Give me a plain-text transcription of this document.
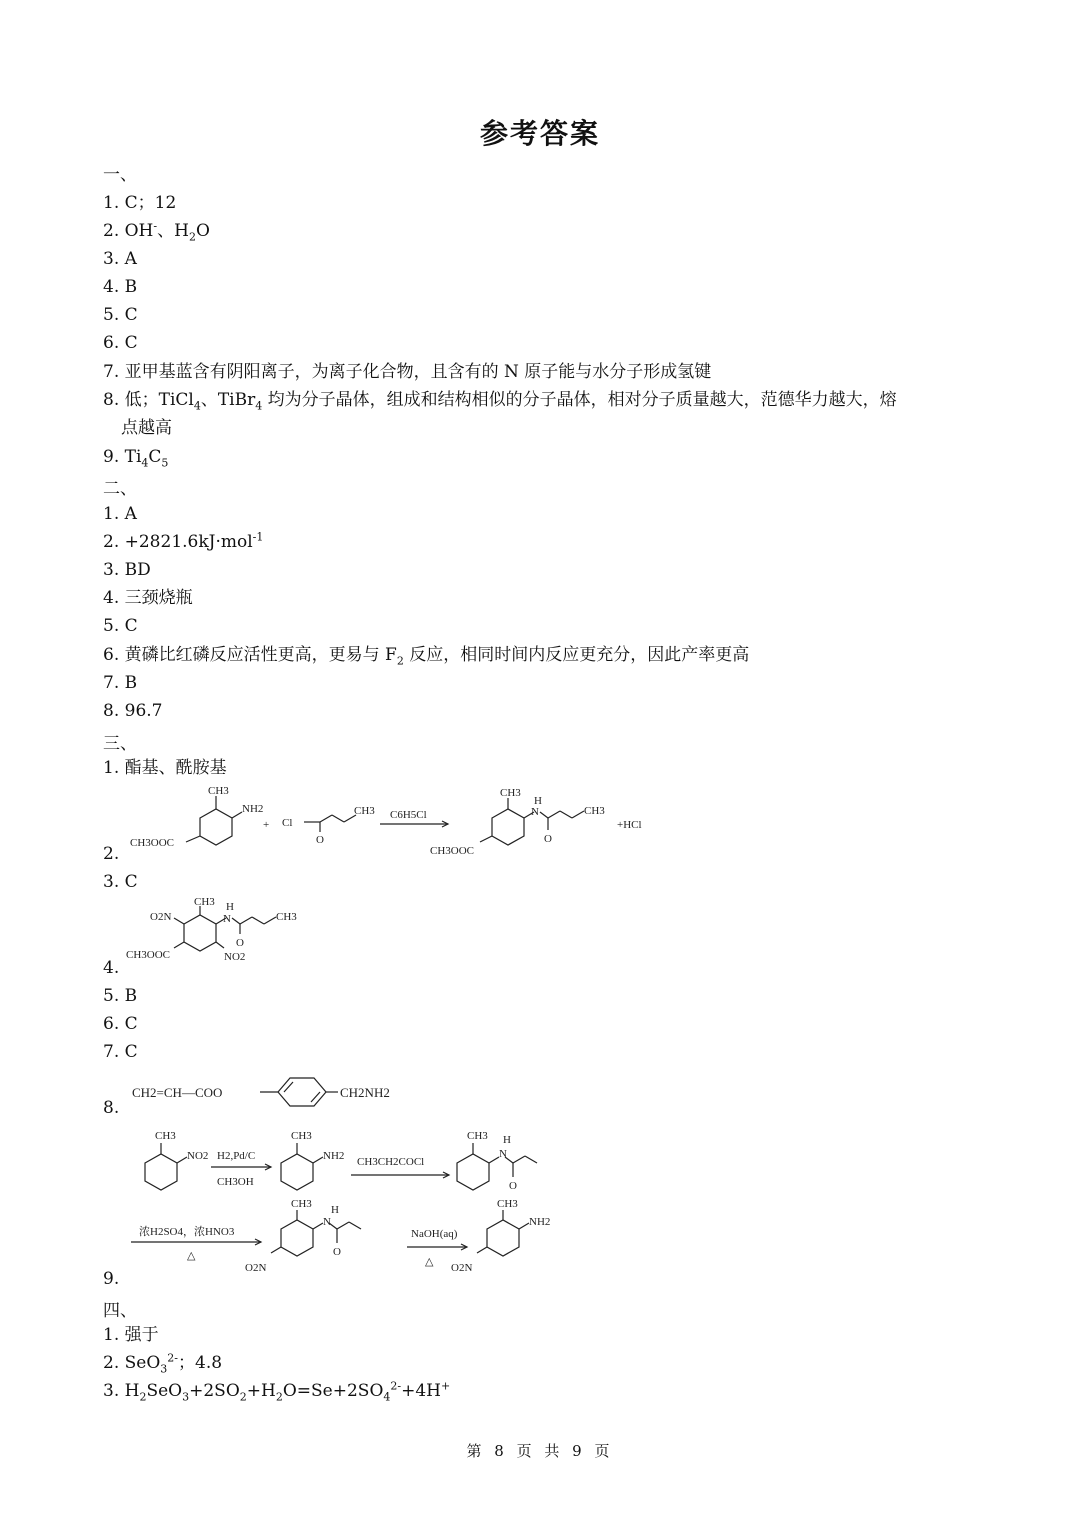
参考答案
一、
1. C；12
2. OH-、$H_2O$
3. A
4. B
5. C
6. C
7. 亚甲基蓝含有阴阳离子，为离子化合物，且含有的 N 原子能与水分子形成氢键
8. 低；TiCl$_4$、TiBr$_4$ 均为分子晶体，组成和结构相似的分子晶体，相对分子质量越大，范德华力越大，熔
点越高
9. $Ti_4C_5$
二、
1. A
2. +2821.6kJ·mol$^{-1}$
3. BD
4. 三颈烧瓶
5. C
6. 黄磷比红磷反应活性更高，更易与 $F_2$ 反应，相同时间内反应更充分，因此产率更高
7. B
8. 96.7
三、
1. 酯基、酰胺基
CH3
NH2
CH3OOC
+ Cl
O
CH3 C6H5Cl
CH3
H
N
O
CH3
CH3OOC
+HCl
2.
3. C
O2N
CH3 H
N	CH3
O
CH3OOC	NO2
4.
5. B
6. C
7. C
CH2=CH—COO	CH2NH2
8.
CH3
NO2 H2,Pd/C
CH3OH
CH3
NH2 CH3CH2COCl
CH3 H
N
O
浓H2SO4，浓HNO3
△
CH3 H
N
O
O2N
NaOH(aq)
△
CH3
NH2
O2N
9.
四、
1. 强于
2. SeO$_3^{2-}$；4.8
3. $H_2SeO_3+2SO_2+H_2O=Se+2SO_4^{2-}+4H^+$
第 8 页 共 9 页
